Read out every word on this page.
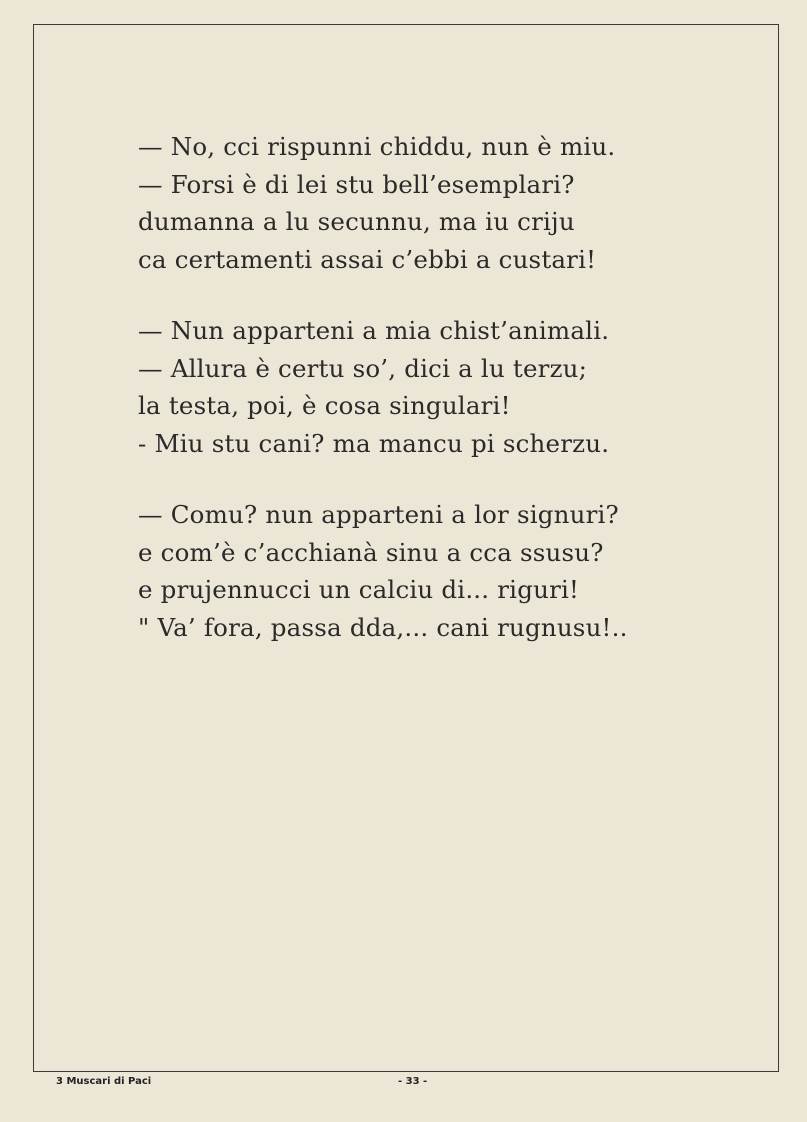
— No, cci rispunni chiddu, nun è miu.
— Forsi è di lei stu bell’esemplari?
dumanna a lu secunnu, ma iu criju
ca certamenti assai c’ebbi a custari!
— Nun apparteni a mia chist’animali.
— Allura è certu so’, dici a lu terzu;
la testa, poi, è cosa singulari!
- Miu stu cani? ma mancu pi scherzu.
— Comu? nun apparteni a lor signuri?
e com’è c’acchianà sinu a cca ssusu?
e prujennucci un calciu di... riguri!
" Va’ fora, passa dda,... cani rugnusu!..
3 Muscari di Paci	- 33 -
